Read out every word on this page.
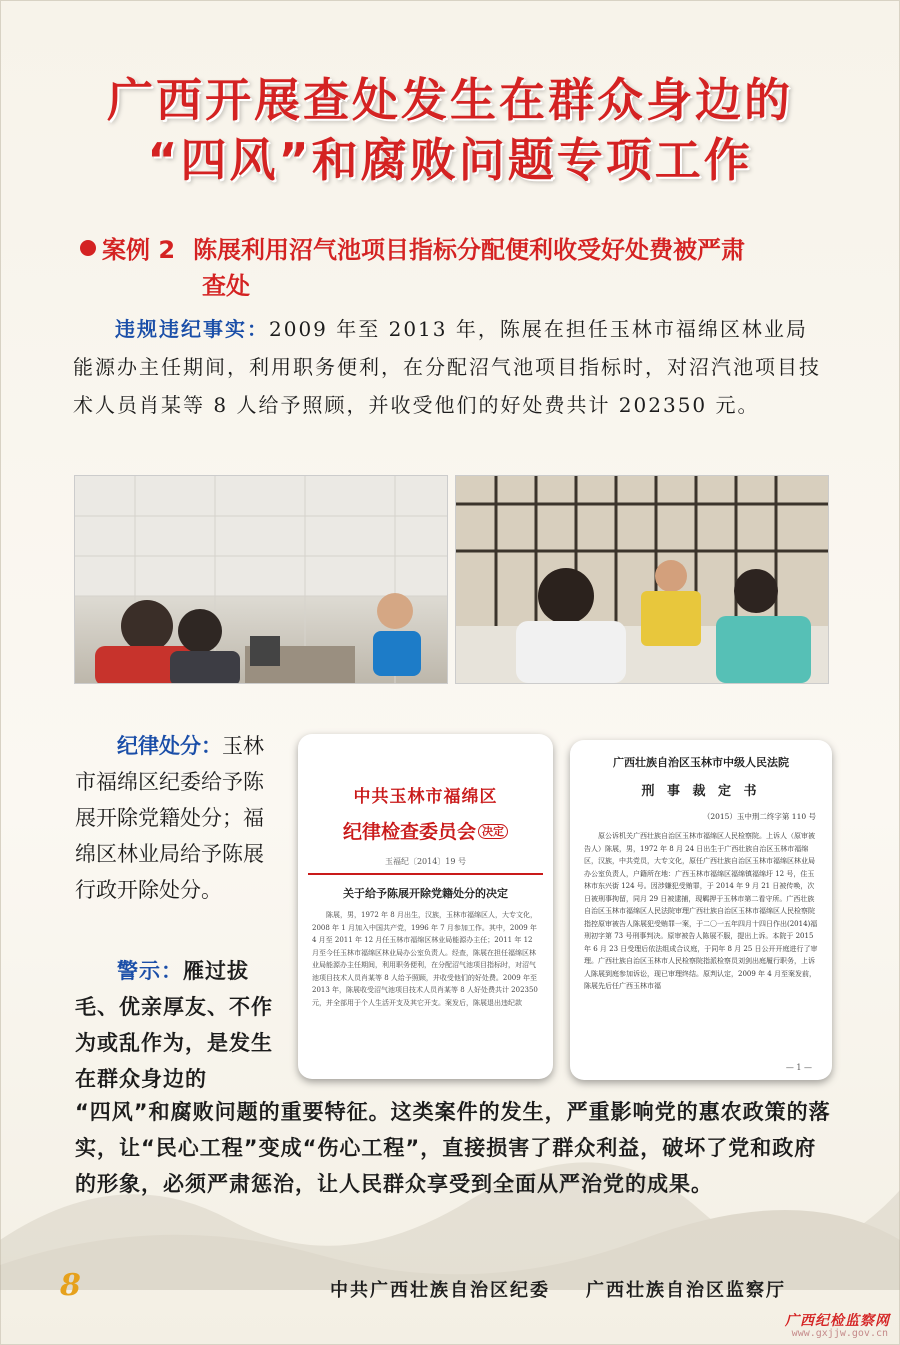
广西开展查处发生在群众身边的
“四风”和腐败问题专项工作
案例 2 陈展利用沼气池项目指标分配便利收受好处费被严肃
查处
违规违纪事实：2009 年至 2013 年，陈展在担任玉林市福绵区林业局能源办主任期间，利用职务便利，在分配沼气池项目指标时，对沼汽池项目技术人员肖某等 8 人给予照顾，并收受他们的好处费共计 202350 元。
纪律处分：玉林市福绵区纪委给予陈展开除党籍处分；福绵区林业局给予陈展行政开除处分。
警示：雁过拔毛、优亲厚友、不作为或乱作为，是发生在群众身边的
中共玉林市福绵区
纪律检查委员会 决定
玉福纪〔2014〕19 号
关于给予陈展开除党籍处分的决定
陈展，男，1972 年 8 月出生，汉族，玉林市福绵区人，大专文化，2008 年 1 月加入中国共产党，1996 年 7 月参加工作。其中，2009 年 4 月至 2011 年 12 月任玉林市福绵区林业局能源办主任；2011 年 12 月至今任玉林市福绵区林业局办公室负责人。经查，陈展在担任福绵区林业局能源办主任期间，利用职务便利，在分配沼气池项目指标时，对沼气池项目技术人员肖某等 8 人给予照顾，并收受他们的好处费。2009 年至 2013 年，陈展收受沼气池项目技术人员肖某等 8 人好处费共计 202350 元，并全部用于个人生活开支及其它开支。案发后，陈展退出违纪款
广西壮族自治区玉林市中级人民法院
刑 事 裁 定 书
（2015）玉中刑二终字第 110 号
原公诉机关广西壮族自治区玉林市福绵区人民检察院。上诉人（原审被告人）陈展，男，1972 年 8 月 24 日出生于广西壮族自治区玉林市福绵区，汉族，中共党员，大专文化，原任广西壮族自治区玉林市福绵区林业局办公室负责人，户籍所在地：广西玉林市福绵区福绵镇福绵圩 12 号，住玉林市东兴街 124 号。因涉嫌犯受贿罪，于 2014 年 9 月 21 日被传唤，次日被刑事拘留，同月 29 日被逮捕，现羁押于玉林市第二看守所。广西壮族自治区玉林市福绵区人民法院审理广西壮族自治区玉林市福绵区人民检察院指控原审被告人陈展犯受贿罪一案，于二〇一五年四月十四日作出(2014)福刑初字第 73 号刑事判决。原审被告人陈展不服，提出上诉。本院于 2015 年 6 月 23 日受理后依法组成合议庭，于同年 8 月 25 日公开开庭进行了审理。广西壮族自治区玉林市人民检察院指派检察员刘剑出庭履行职务，上诉人陈展到庭参加诉讼，现已审理终结。原判认定，2009 年 4 月至案发前，陈展先后任广西玉林市福
— 1 —
“四风”和腐败问题的重要特征。这类案件的发生，严重影响党的惠农政策的落实，让“民心工程”变成“伤心工程”，直接损害了群众利益，破坏了党和政府的形象，必须严肃惩治，让人民群众享受到全面从严治党的成果。
8	中共广西壮族自治区纪委 广西壮族自治区监察厅
广西纪检监察网
www.gxjjw.gov.cn
